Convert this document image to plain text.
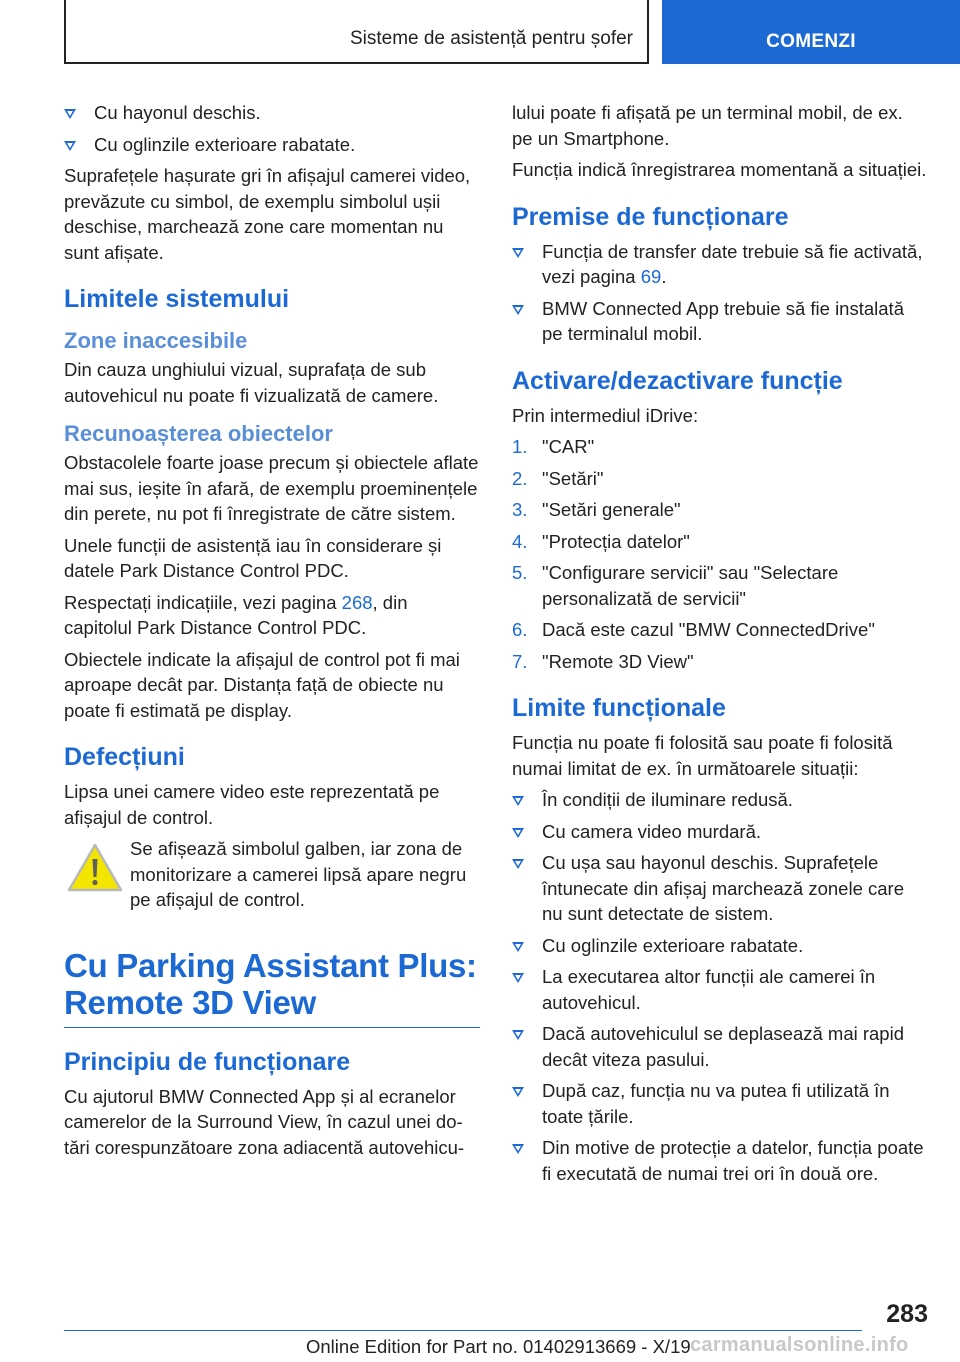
Sisteme de asistență pentru șofer	COMENZI
Cu hayonul deschis.
Cu oglinzile exterioare rabatate.

Suprafețele hașurate gri în afișajul camerei video, prevăzute cu simbol, de exemplu simbolul ușii deschise, marchează zone care momentan nu sunt afișate.

Limitele sistemului
Zone inaccesibile

Din cauza unghiului vizual, suprafața de sub autovehicul nu poate fi vizualizată de camere.

Recunoașterea obiectelor

Obstacolele foarte joase precum și obiectele aflate mai sus, ieșite în afară, de exemplu proeminențele din perete, nu pot fi înregistrate de către sistem.

Unele funcții de asistență iau în considerare și datele Park Distance Control PDC.

Respectați indicațiile, vezi pagina 268, din capitolul Park Distance Control PDC.

Obiectele indicate la afișajul de control pot fi mai aproape decât par. Distanța față de obiecte nu poate fi estimată pe display.

Defecțiuni

Lipsa unei camere video este reprezentată pe afișajul de control.

Se afișează simbolul galben, iar zona de monitorizare a camerei lipsă apare negru pe afișajul de control.

Cu Parking Assistant Plus: Remote 3D View
Principiu de funcționare

Cu ajutorul BMW Connected App și al ecranelor camerelor de la Surround View, în cazul unei dotări corespunzătoare zona adiacentă autovehicu-

lului poate fi afișată pe un terminal mobil, de ex. pe un Smartphone.

Funcția indică înregistrarea momentană a situației.

Premise de funcționare
Funcția de transfer date trebuie să fie activată, vezi pagina 69.
BMW Connected App trebuie să fie instalată pe terminalul mobil.
Activare/dezactivare funcție

Prin intermediul iDrive:

1. "CAR"
2. "Setări"
3. "Setări generale"
4. "Protecția datelor"
5. "Configurare servicii" sau "Selectare personalizată de servicii"
6. Dacă este cazul "BMW ConnectedDrive"
7. "Remote 3D View"
Limite funcționale

Funcția nu poate fi folosită sau poate fi folosită numai limitat de ex. în următoarele situații:

În condiții de iluminare redusă.
Cu camera video murdară.
Cu ușa sau hayonul deschis. Suprafețele întunecate din afișaj marchează zonele care nu sunt detectate de sistem.
Cu oglinzile exterioare rabatate.
La executarea altor funcții ale camerei în autovehicul.
Dacă autovehiculul se deplasează mai rapid decât viteza pasului.
După caz, funcția nu va putea fi utilizată în toate țările.
Din motive de protecție a datelor, funcția poate fi executată de numai trei ori în două ore.
283
Online Edition for Part no. 01402913669 - X/19 carmanualsonline.info
